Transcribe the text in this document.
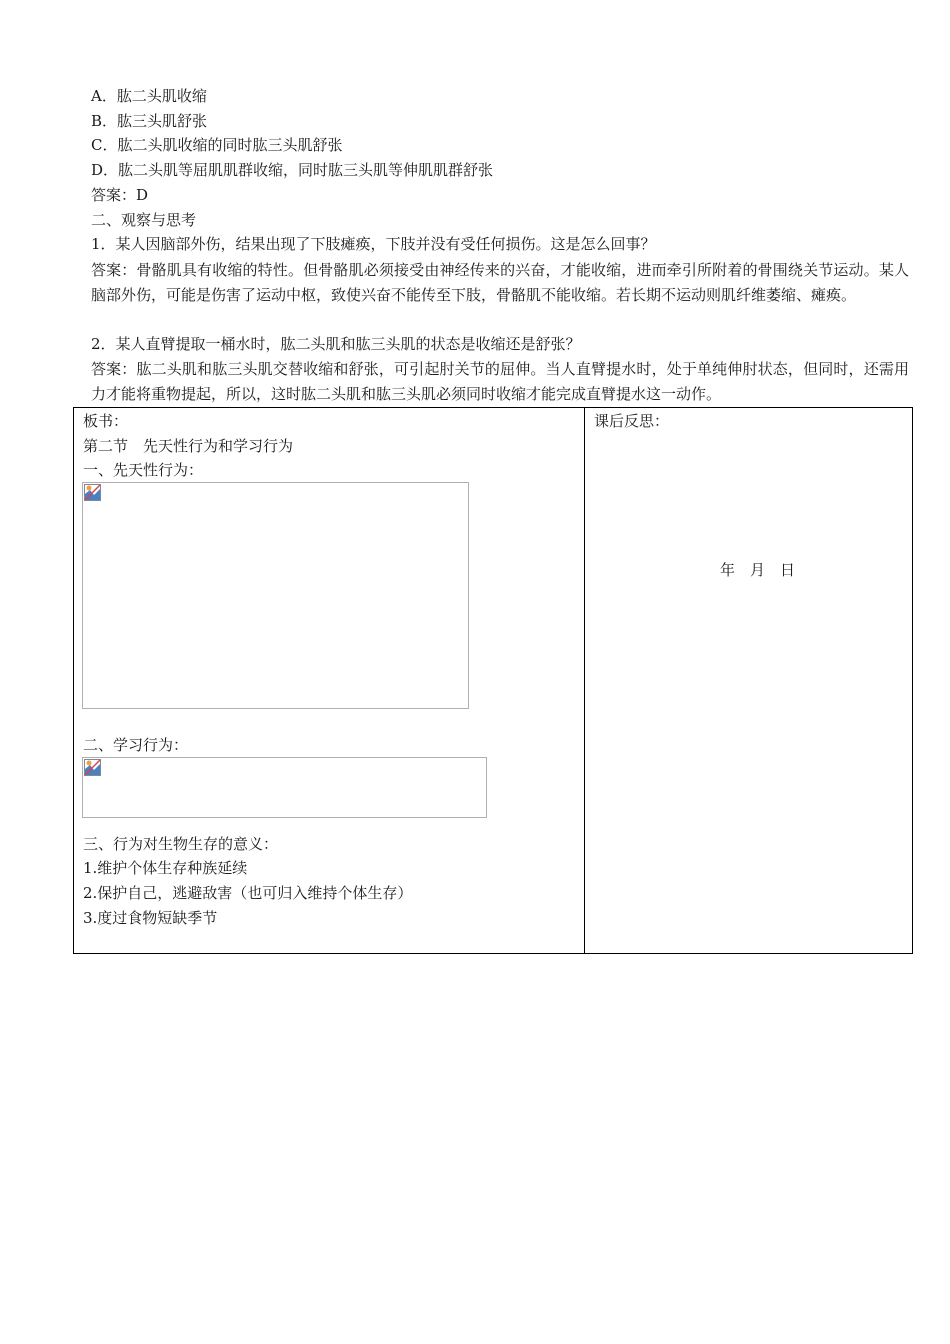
A．肱二头肌收缩
B．肱三头肌舒张
C．肱二头肌收缩的同时肱三头肌舒张
D．肱二头肌等屈肌肌群收缩，同时肱三头肌等伸肌肌群舒张
答案：D
二、观察与思考
1．某人因脑部外伤，结果出现了下肢瘫痪，下肢并没有受任何损伤。这是怎么回事？
答案：骨骼肌具有收缩的特性。但骨骼肌必须接受由神经传来的兴奋，才能收缩，进而牵引所附着的骨围绕关节运动。某人脑部外伤，可能是伤害了运动中枢，致使兴奋不能传至下肢，骨骼肌不能收缩。若长期不运动则肌纤维萎缩、瘫痪。
2．某人直臂提取一桶水时，肱二头肌和肱三头肌的状态是收缩还是舒张？
答案：肱二头肌和肱三头肌交替收缩和舒张，可引起肘关节的屈伸。当人直臂提水时，处于单纯伸肘状态，但同时，还需用力才能将重物提起，所以，这时肱二头肌和肱三头肌必须同时收缩才能完成直臂提水这一动作。
板书：
第二节　先天性行为和学习行为
一、先天性行为：
二、学习行为：
三、行为对生物生存的意义：
1.维护个体生存种族延续
2.保护自己，逃避敌害（也可归入维持个体生存）
3.度过食物短缺季节
课后反思：
年　月　日
